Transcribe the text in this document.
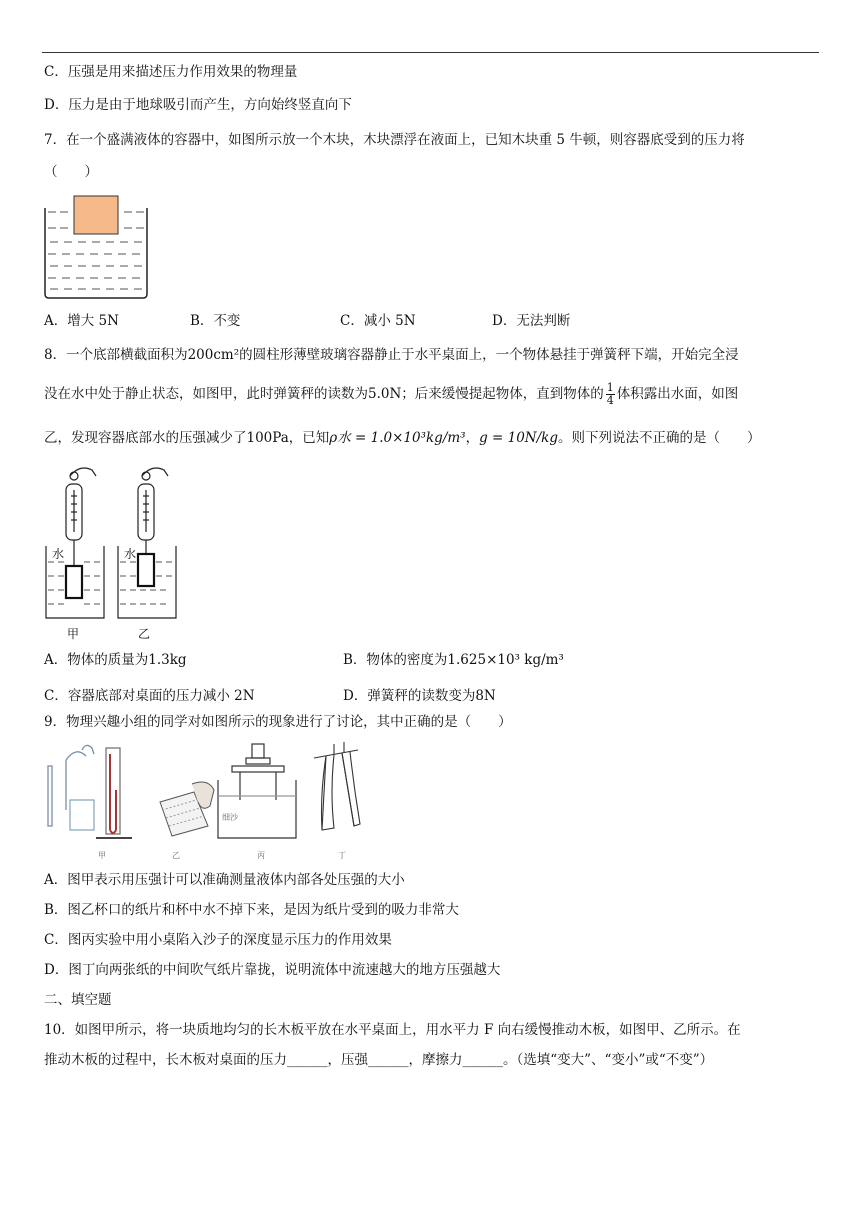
C．压强是用来描述压力作用效果的物理量
D．压力是由于地球吸引而产生，方向始终竖直向下
7．在一个盛满液体的容器中，如图所示放一个木块，木块漂浮在液面上，已知木块重 5 牛顿，则容器底受到的压力将
（　　）
A．增大 5N	B．不变	C．减小 5N	D．无法判断
8．一个底部横截面积为200cm²的圆柱形薄壁玻璃容器静止于水平桌面上，一个物体悬挂于弹簧秤下端，开始完全浸
没在水中处于静止状态，如图甲，此时弹簧秤的读数为5.0N；后来缓慢提起物体，直到物体的 $\frac{1}{4}$ 体积露出水面，如图
乙，发现容器底部水的压强减少了100Pa，已知ρ水 = 1.0×10³kg/m³，g = 10N/kg。则下列说法不正确的是（　　）
水	水
甲	乙
A．物体的质量为1.3kg	B．物体的密度为1.625×10³ kg/m³
C．容器底部对桌面的压力减小 2N	D．弹簧秤的读数变为8N
9．物理兴趣小组的同学对如图所示的现象进行了讨论，其中正确的是（　　）
甲	乙	丙	丁
细沙
A．图甲表示用压强计可以准确测量液体内部各处压强的大小
B．图乙杯口的纸片和杯中水不掉下来，是因为纸片受到的吸力非常大
C．图丙实验中用小桌陷入沙子的深度显示压力的作用效果
D．图丁向两张纸的中间吹气纸片靠拢，说明流体中流速越大的地方压强越大
二、填空题
10．如图甲所示，将一块质地均匀的长木板平放在水平桌面上，用水平力 F 向右缓慢推动木板，如图甲、乙所示。在
推动木板的过程中，长木板对桌面的压力______，压强______，摩擦力______。（选填“变大”、“变小”或“不变”）
